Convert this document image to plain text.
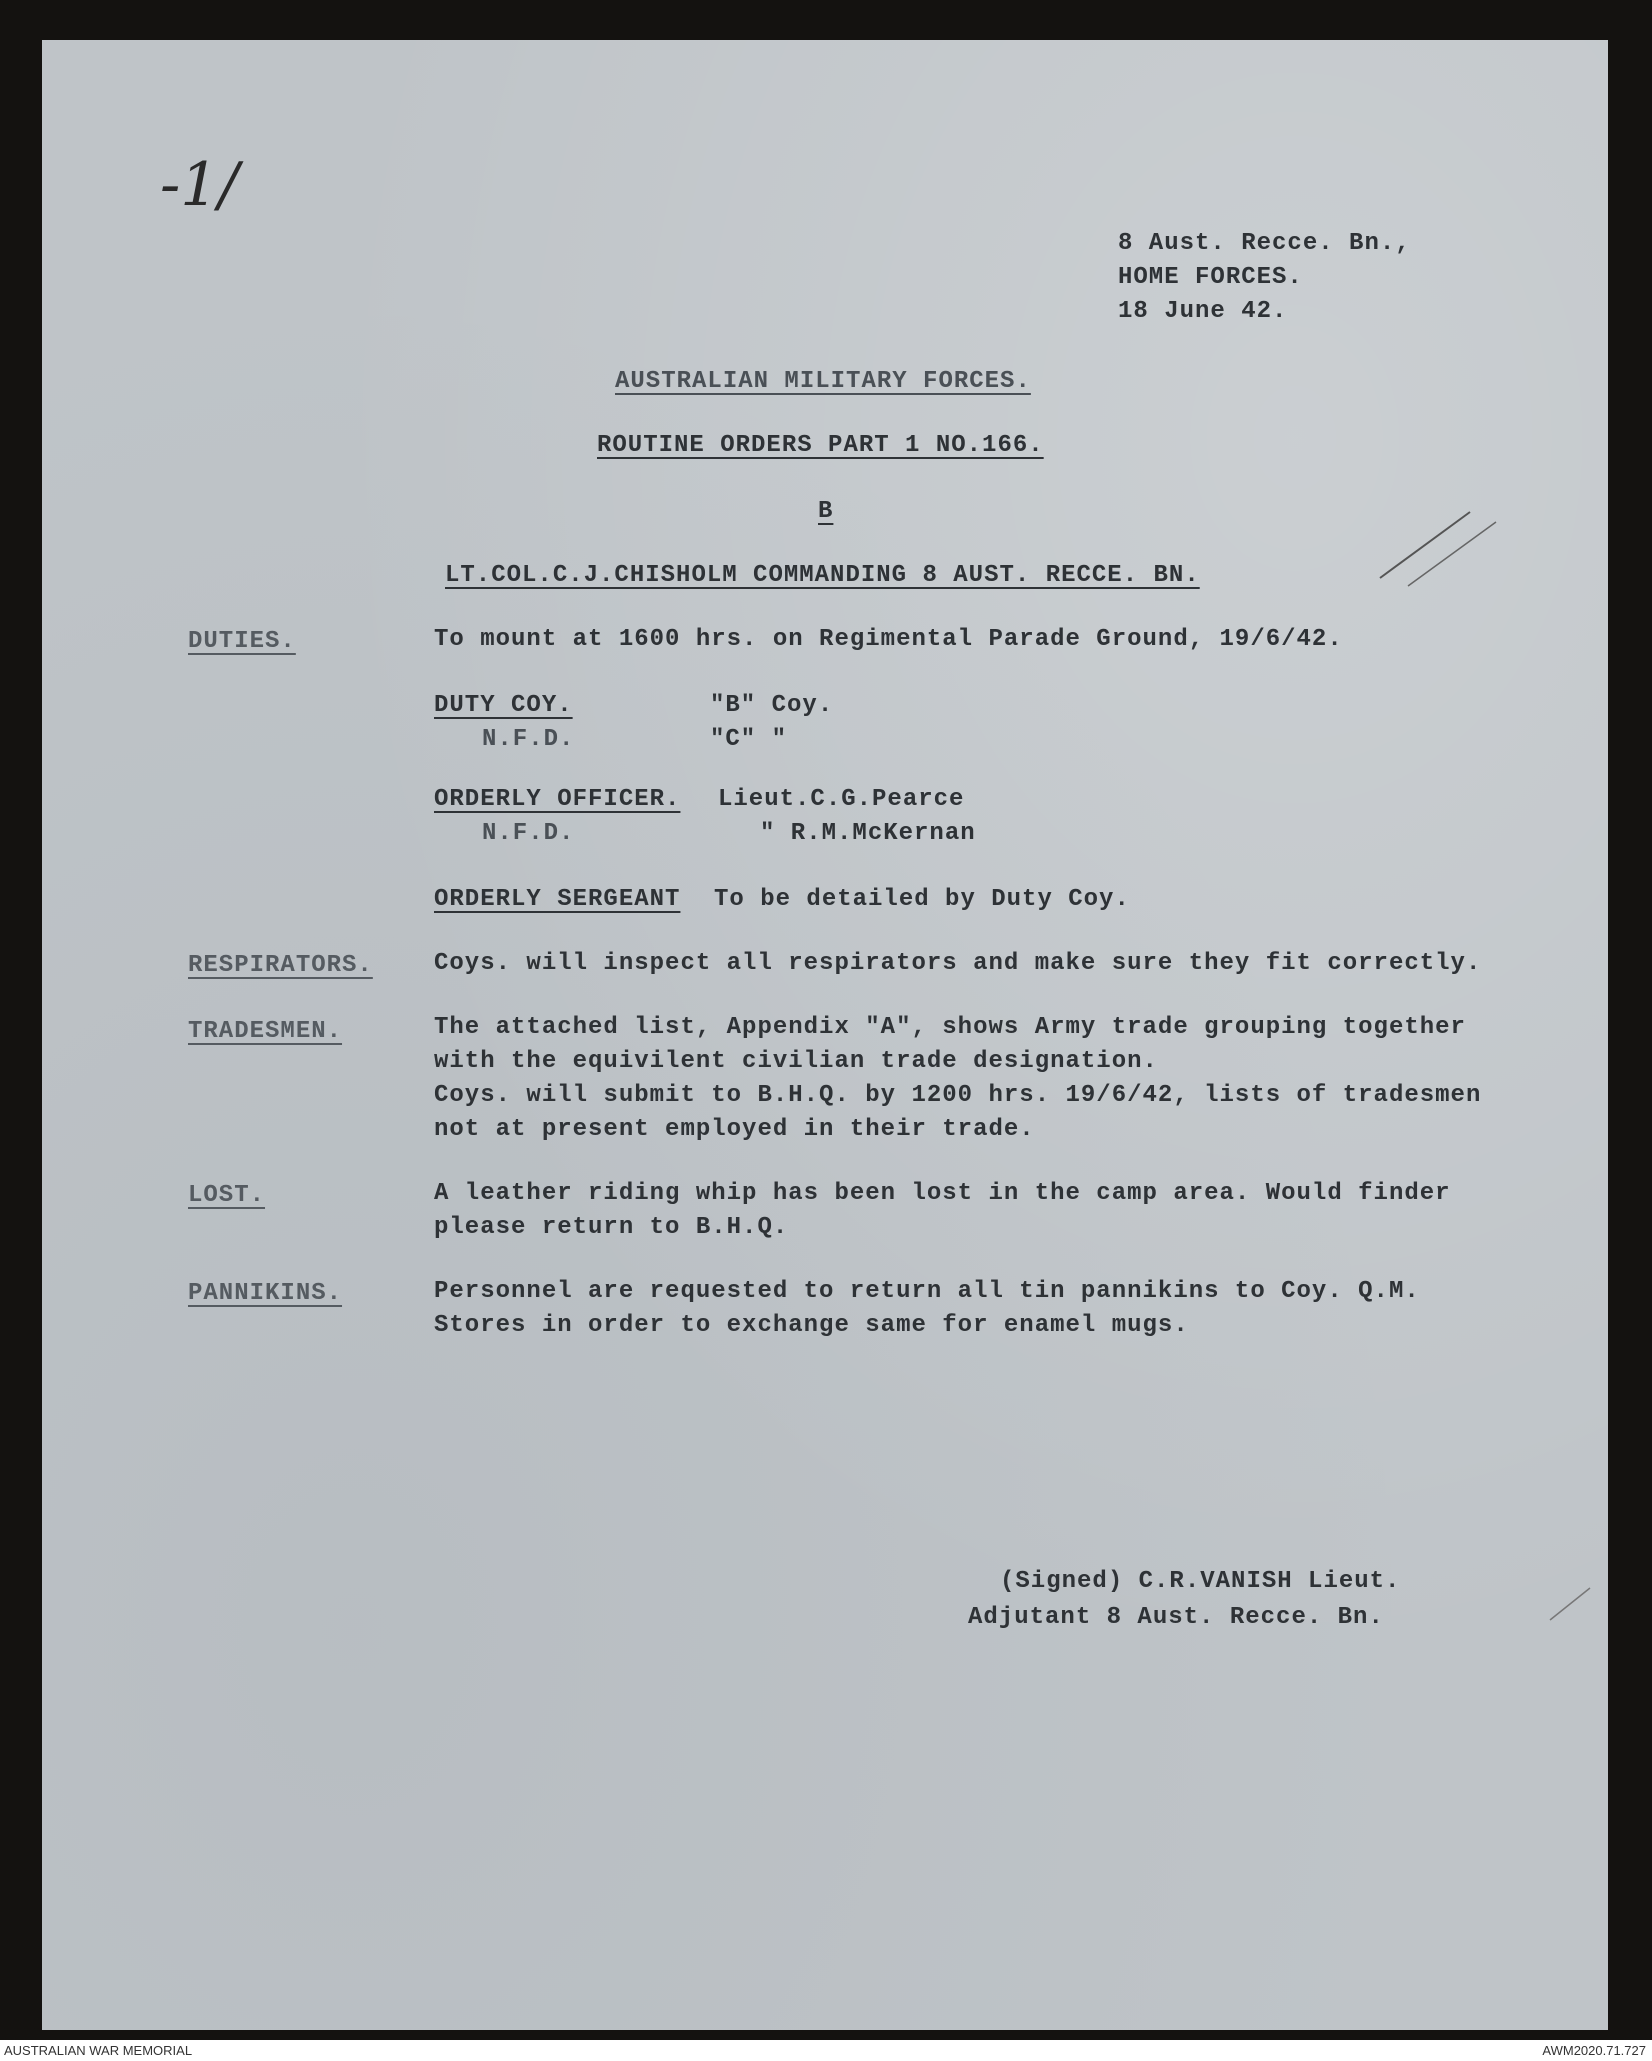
-1/
8 Aust. Recce. Bn.,
HOME FORCES.
18 June 42.
AUSTRALIAN MILITARY FORCES.
ROUTINE ORDERS PART 1 NO.166.
B
LT.COL.C.J.CHISHOLM COMMANDING 8 AUST. RECCE. BN.
DUTIES.	To mount at 1600 hrs. on Regimental Parade Ground, 19/6/42.
DUTY COY.	"B" Coy.
N.F.D.	"C" "
ORDERLY OFFICER. Lieut.C.G.Pearce
N.F.D.	" R.M.McKernan
ORDERLY SERGEANT To be detailed by Duty Coy.
RESPIRATORS.	Coys. will inspect all respirators and make sure they fit correctly.
TRADESMEN.	The attached list, Appendix "A", shows Army trade grouping together
with the equivilent civilian trade designation.
Coys. will submit to B.H.Q. by 1200 hrs. 19/6/42, lists of tradesmen
not at present employed in their trade.
LOST.	A leather riding whip has been lost in the camp area. Would finder
please return to B.H.Q.
PANNIKINS.	Personnel are requested to return all tin pannikins to Coy. Q.M.
Stores in order to exchange same for enamel mugs.
(Signed) C.R.VANISH Lieut.
Adjutant 8 Aust. Recce. Bn.
AUSTRALIAN WAR MEMORIAL	AWM2020.71.727
